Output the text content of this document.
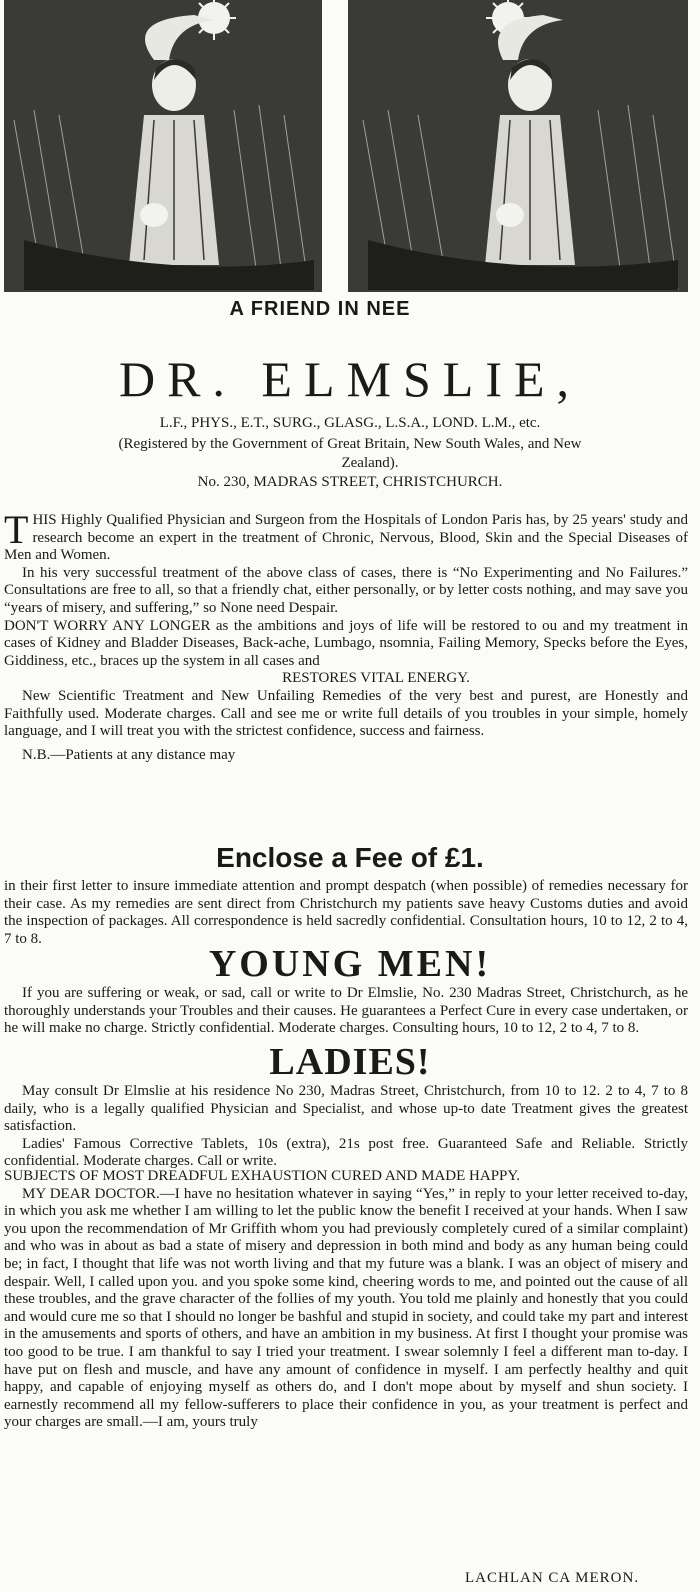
A FRIEND IN NEE
DR. ELMSLIE,
L.F., PHYS., E.T., SURG., GLASG., L.S.A., LOND. L.M., etc.
(Registered by the Government of Great Britain, New South Wales, and New
Zealand).
No. 230, MADRAS STREET, CHRISTCHURCH.

THIS Highly Qualified Physician and Surgeon from the Hospitals of London Paris has, by 25 years' study and research become an expert in the treatment of Chronic, Nervous, Blood, Skin and the Special Diseases of Men and Women.

In his very successful treatment of the above class of cases, there is “No Experimenting and No Failures.” Consultations are free to all, so that a friendly chat, either personally, or by letter costs nothing, and may save you “years of misery, and suffering,” so None need Despair.

DON'T WORRY ANY LONGER as the ambitions and joys of life will be restored to ou and my treatment in cases of Kidney and Bladder Diseases, Back-ache, Lumbago, nsomnia, Failing Memory, Specks before the Eyes, Giddiness, etc., braces up the system in all cases and

RESTORES VITAL ENERGY.

New Scientific Treatment and New Unfailing Remedies of the very best and purest, are Honestly and Faithfully used. Moderate charges. Call and see me or write full details of you troubles in your simple, homely language, and I will treat you with the strictest confidence, success and fairness.

N.B.—Patients at any distance may

Enclose a Fee of £1.
in their first letter to insure immediate attention and prompt despatch (when possible) of remedies necessary for their case. As my remedies are sent direct from Christchurch my patients save heavy Customs duties and avoid the inspection of packages. All correspondence is held sacredly confidential. Consultation hours, 10 to 12, 2 to 4, 7 to 8.
YOUNG MEN!
If you are suffering or weak, or sad, call or write to Dr Elmslie, No. 230 Madras Street, Christchurch, as he thoroughly understands your Troubles and their causes. He guarantees a Perfect Cure in every case undertaken, or he will make no charge. Strictly confidential. Moderate charges. Consulting hours, 10 to 12, 2 to 4, 7 to 8.
LADIES!

May consult Dr Elmslie at his residence No 230, Madras Street, Christchurch, from 10 to 12. 2 to 4, 7 to 8 daily, who is a legally qualified Physician and Specialist, and whose up-to date Treatment gives the greatest satisfaction.

Ladies' Famous Corrective Tablets, 10s (extra), 21s post free. Guaranteed Safe and Reliable. Strictly confidential. Moderate charges. Call or write.

SUBJECTS OF MOST DREADFUL EXHAUSTION CURED AND MADE HAPPY.

MY DEAR DOCTOR.—I have no hesitation whatever in saying “Yes,” in reply to your letter received to-day, in which you ask me whether I am willing to let the public know the benefit I received at your hands. When I saw you upon the recommendation of Mr Griffith whom you had previously completely cured of a similar complaint) and who was in about as bad a state of misery and depression in both mind and body as any human being could be; in fact, I thought that life was not worth living and that my future was a blank. I was an object of misery and despair. Well, I called upon you. and you spoke some kind, cheering words to me, and pointed out the cause of all these troubles, and the grave character of the follies of my youth. You told me plainly and honestly that you could and would cure me so that I should no longer be bashful and stupid in society, and could take my part and interest in the amusements and sports of others, and have an ambition in my business. At first I thought your promise was too good to be true. I am thankful to say I tried your treatment. I swear solemnly I feel a different man to-day. I have put on flesh and muscle, and have any amount of confidence in myself. I am perfectly healthy and quit happy, and capable of enjoying myself as others do, and I don't mope about by myself and shun society. I earnestly recommend all my fellow-sufferers to place their confidence in you, as your treatment is perfect and your charges are small.—I am, yours truly

LACHLAN CA MERON.
